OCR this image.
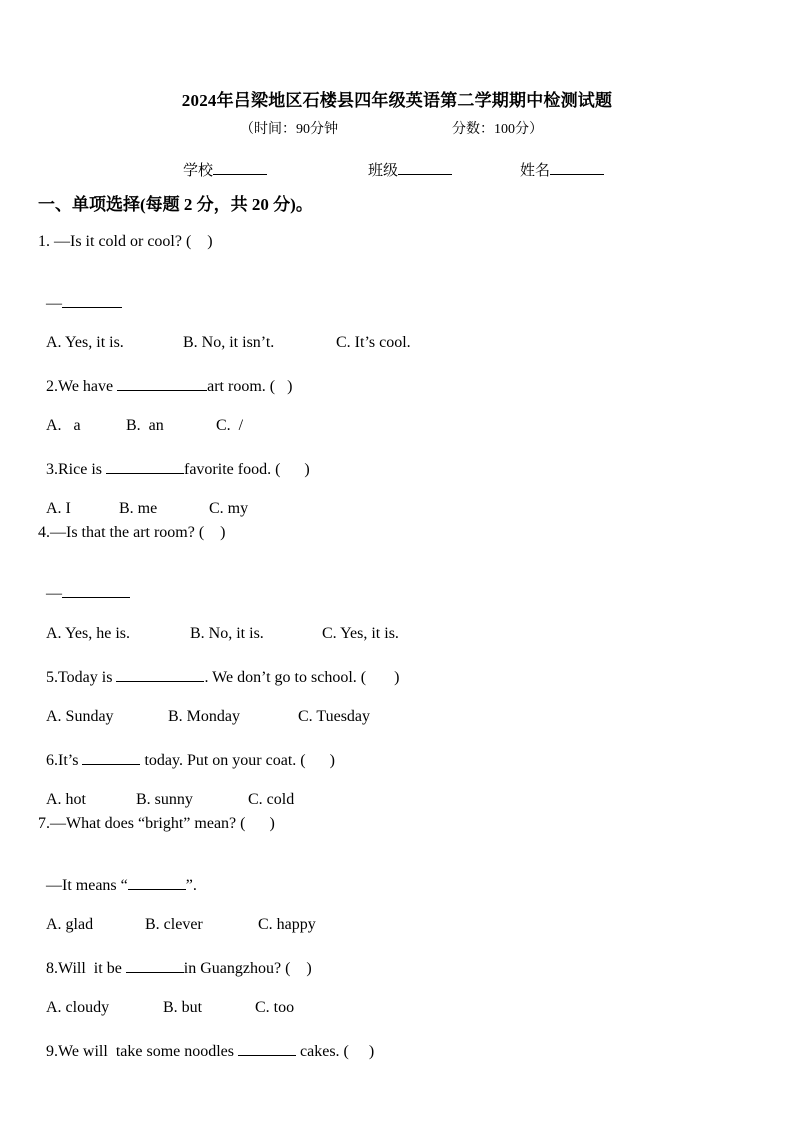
2024年吕梁地区石楼县四年级英语第二学期期中检测试题
（时间：90分钟	分数：100分）
学校	班级	姓名
一、单项选择(每题 2 分，共 20 分)。
1. —Is it cold or cool? (    )

—

A. Yes, it is.	B. No, it isn’t.	C. It’s cool.

2.We have	art room. (   )

A.   a	B.  an	C.  /

3.Rice is	favorite food. (      )

A. I	B. me	C. my

4.—Is that the art room? (    )

—

A. Yes, he is.	B. No, it is.	C. Yes, it is.

5.Today is	. We don’t go to school. (       )

A. Sunday	B. Monday	C. Tuesday

6.It’s	today. Put on your coat. (      )

A. hot	B. sunny	C. cold

7.—What does “bright” mean? (      )

—It means “	”.

A. glad	B. clever	C. happy

8.Will  it be	in Guangzhou? (    )

A. cloudy	B. but	C. too

9.We will  take some noodles	cakes. (     )
